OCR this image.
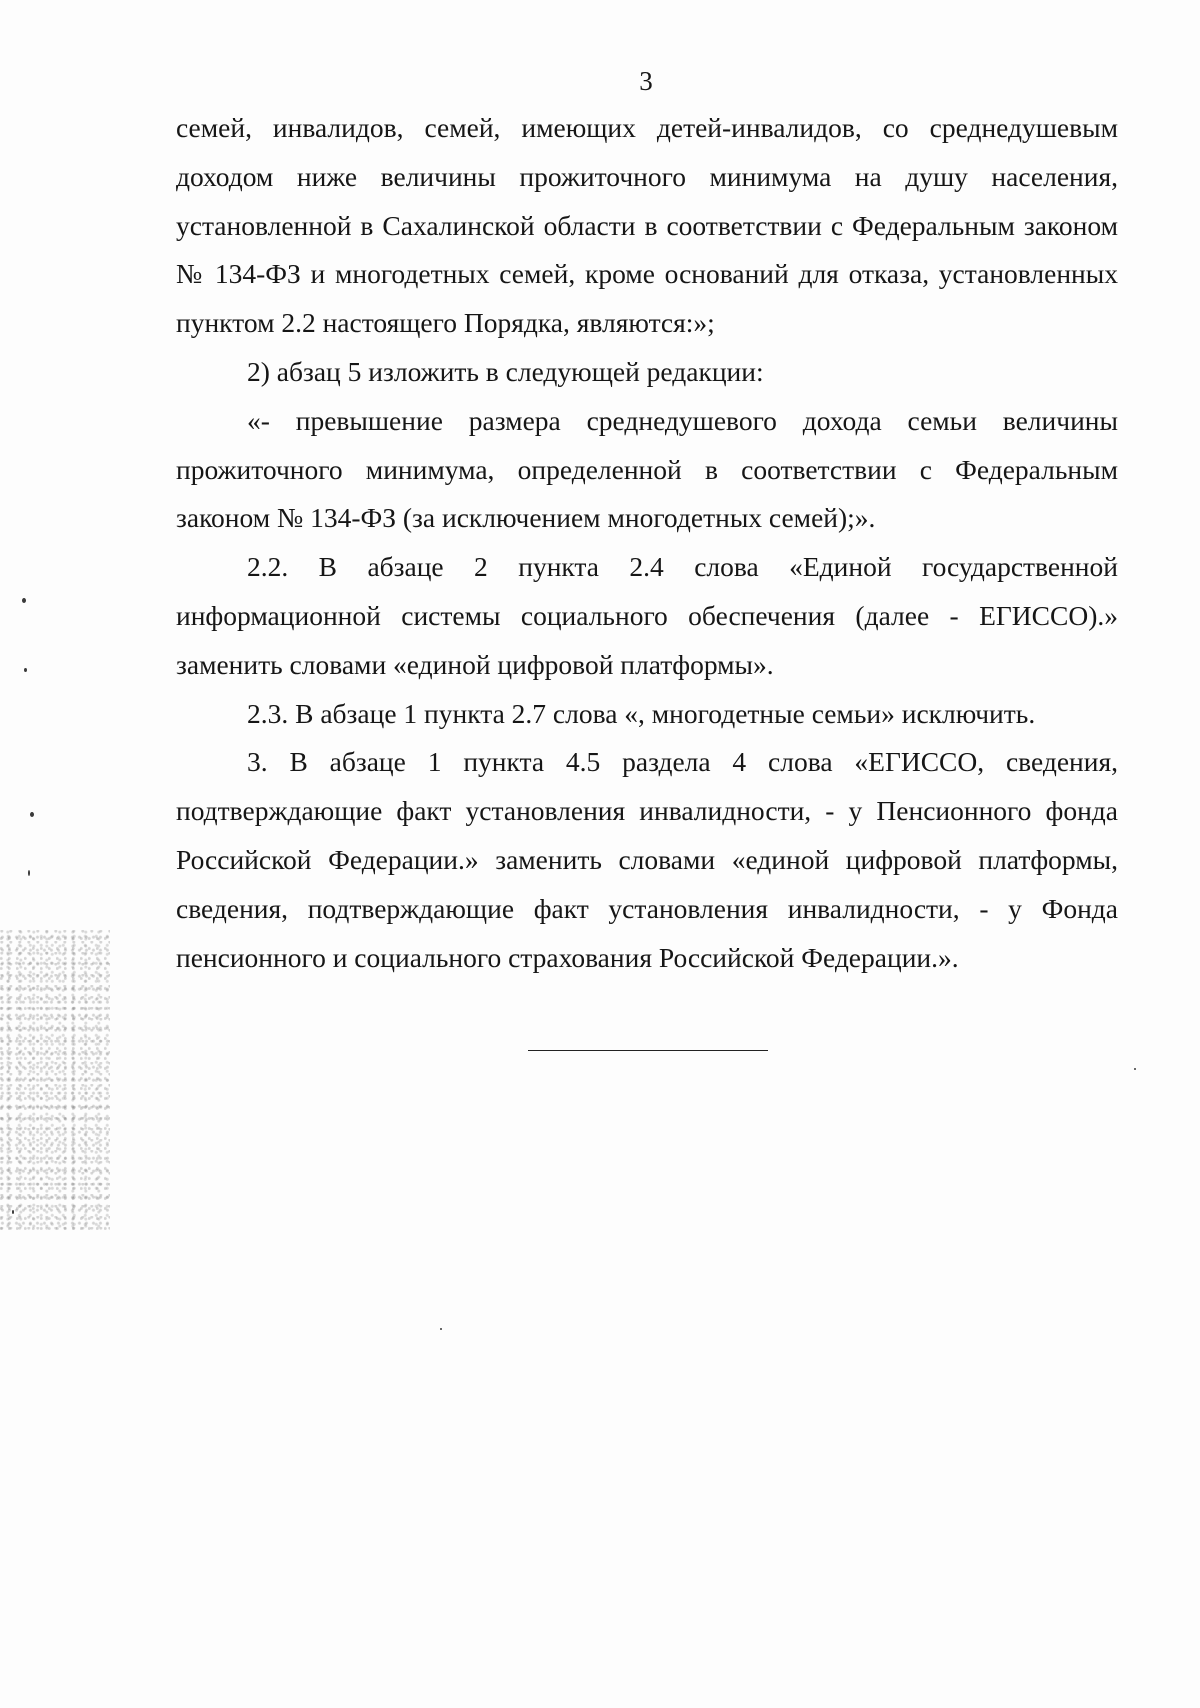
3

семей, инвалидов, семей, имеющих детей-инвалидов, со среднедушевым доходом ниже величины прожиточного минимума на душу населения, установленной в Сахалинской области в соответствии с Федеральным законом № 134-ФЗ и многодетных семей, кроме оснований для отказа, установленных пунктом 2.2 настоящего Порядка, являются:»;

2) абзац 5 изложить в следующей редакции:

«- превышение размера среднедушевого дохода семьи величины прожиточного минимума, определенной в соответствии с Федеральным законом № 134-ФЗ (за исключением многодетных семей);».

2.2. В абзаце 2 пункта 2.4 слова «Единой государственной информационной системы социального обеспечения (далее - ЕГИССО).» заменить словами «единой цифровой платформы».

2.3. В абзаце 1 пункта 2.7 слова «, многодетные семьи» исключить.

3. В абзаце 1 пункта 4.5 раздела 4 слова «ЕГИССО, сведения, подтверждающие факт установления инвалидности, - у Пенсионного фонда Российской Федерации.» заменить словами «единой цифровой платформы, сведения, подтверждающие факт установления инвалидности, - у Фонда пенсионного и социального страхования Российской Федерации.».
